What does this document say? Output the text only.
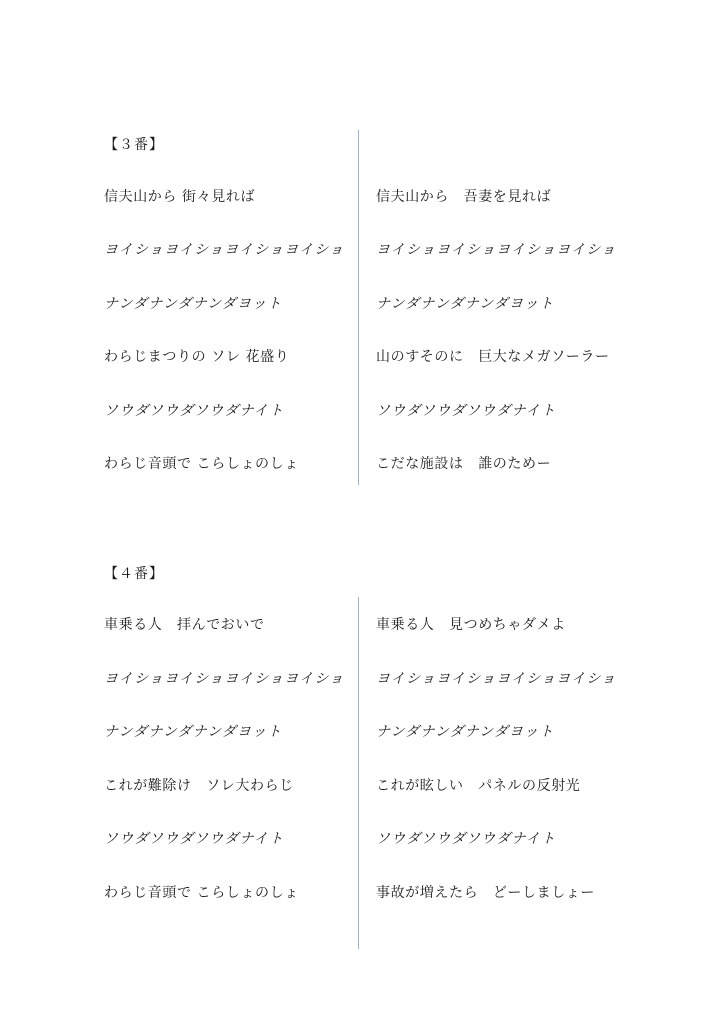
【３番】
信夫山から 街々見れば
ヨイショヨイショヨイショヨイショ
ナンダナンダナンダヨット
わらじまつりの ソレ 花盛り
ソウダソウダソウダナイト
わらじ音頭で こらしょのしょ
信夫山から　吾妻を見れば
ヨイショヨイショヨイショヨイショ
ナンダナンダナンダヨット
山のすそのに　巨大なメガソーラー
ソウダソウダソウダナイト
こだな施設は　誰のためー
【４番】
車乗る人　拝んでおいで
ヨイショヨイショヨイショヨイショ
ナンダナンダナンダヨット
これが難除け　ソレ大わらじ
ソウダソウダソウダナイト
わらじ音頭で こらしょのしょ
車乗る人　見つめちゃダメよ
ヨイショヨイショヨイショヨイショ
ナンダナンダナンダヨット
これが眩しい　パネルの反射光
ソウダソウダソウダナイト
事故が増えたら　どーしましょー
